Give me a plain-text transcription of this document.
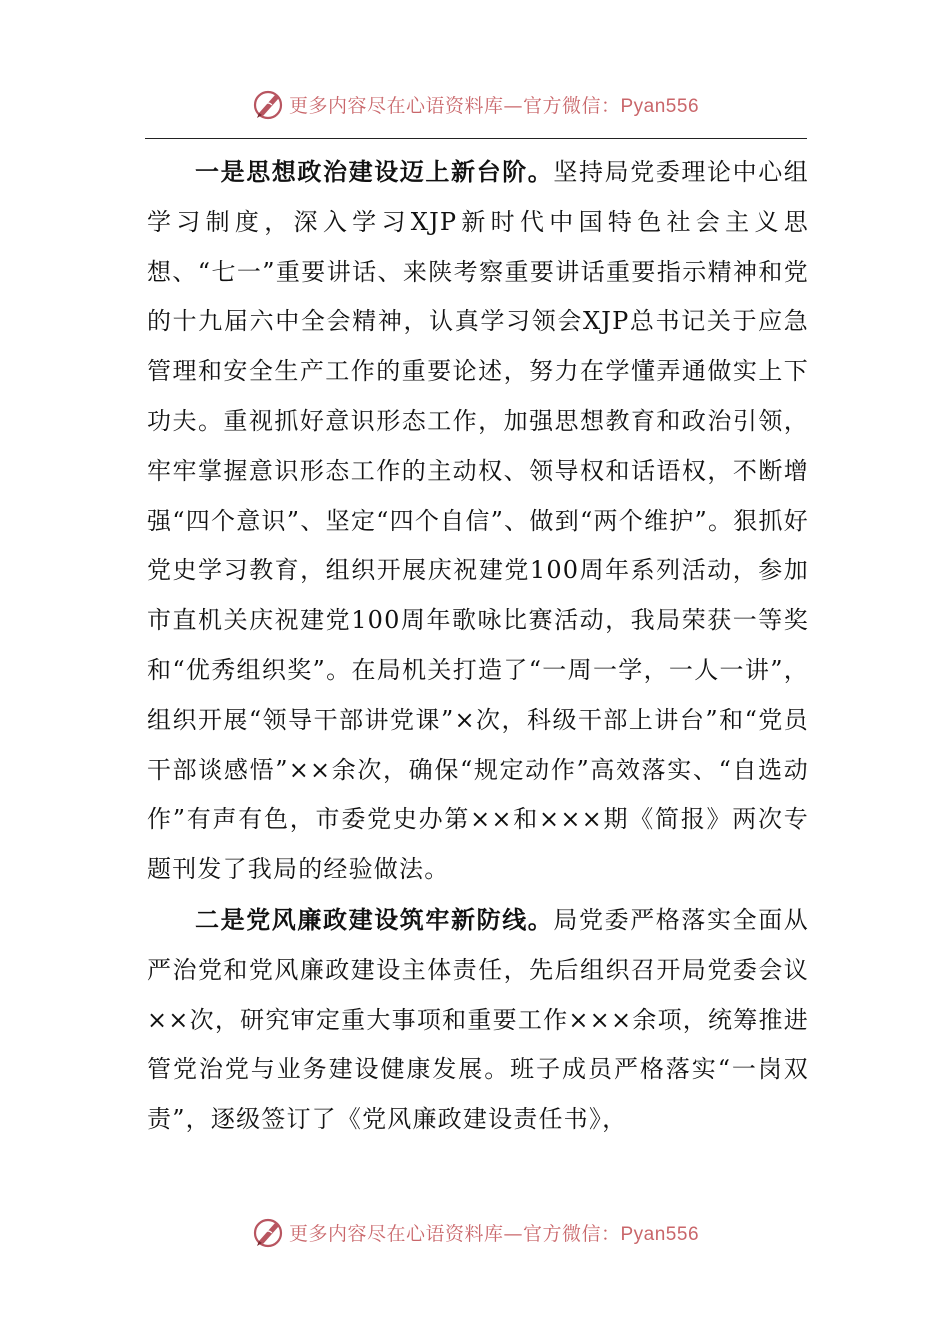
更多内容尽在心语资料库—官方微信：Pyan556

一是思想政治建设迈上新台阶。坚持局党委理论中心组学习制度，深入学习XJP新时代中国特色社会主义思想、“七一”重要讲话、来陕考察重要讲话重要指示精神和党的十九届六中全会精神，认真学习领会XJP总书记关于应急管理和安全生产工作的重要论述，努力在学懂弄通做实上下功夫。重视抓好意识形态工作，加强思想教育和政治引领，牢牢掌握意识形态工作的主动权、领导权和话语权，不断增强“四个意识”、坚定“四个自信”、做到“两个维护”。狠抓好党史学习教育，组织开展庆祝建党100周年系列活动，参加市直机关庆祝建党100周年歌咏比赛活动，我局荣获一等奖和“优秀组织奖”。在局机关打造了“一周一学，一人一讲”，组织开展“领导干部讲党课”×次，科级干部上讲台”和“党员干部谈感悟”××余次，确保“规定动作”高效落实、“自选动作”有声有色，市委党史办第××和×××期《简报》两次专题刊发了我局的经验做法。

二是党风廉政建设筑牢新防线。局党委严格落实全面从严治党和党风廉政建设主体责任，先后组织召开局党委会议××次，研究审定重大事项和重要工作×××余项，统筹推进管党治党与业务建设健康发展。班子成员严格落实“一岗双责”，逐级签订了《党风廉政建设责任书》，

更多内容尽在心语资料库—官方微信：Pyan556
